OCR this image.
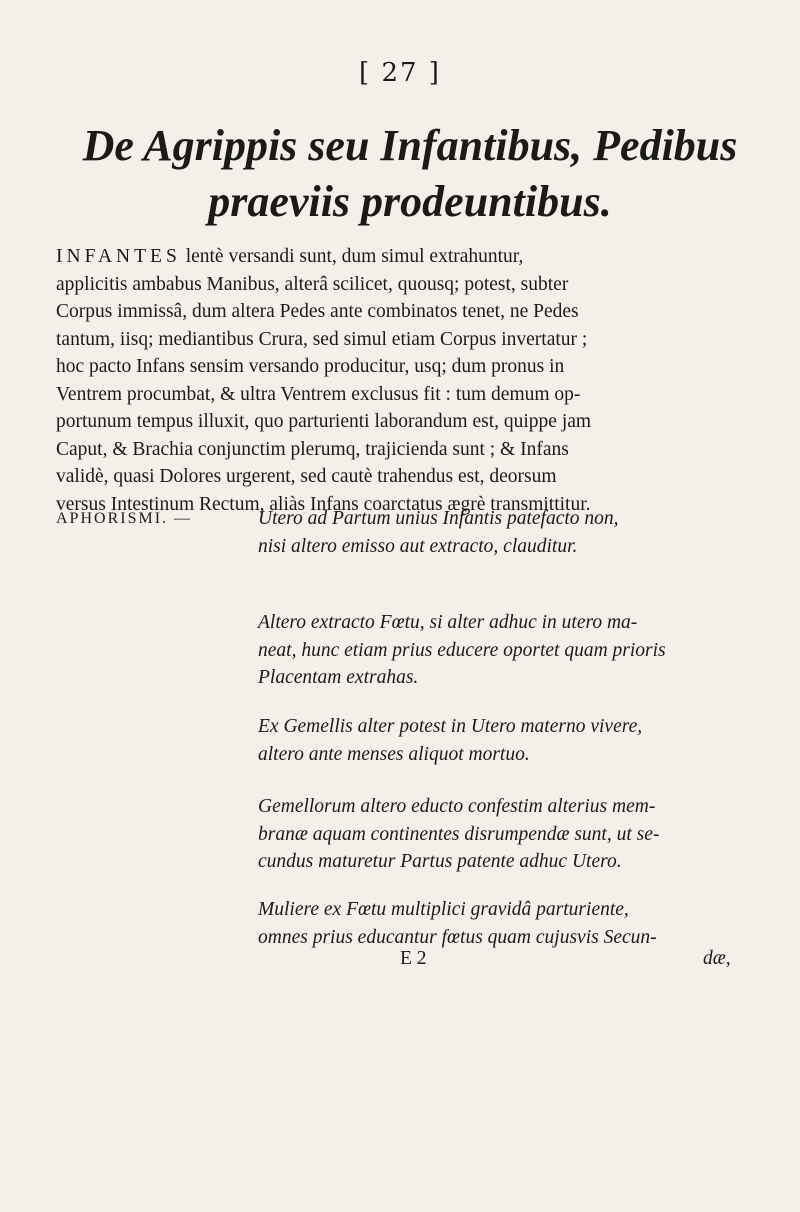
[ 27 ]
De Agrippis seu Infantibus, Pedibus
praeviis prodeuntibus.
INFANTES lentè versandi sunt, dum simul extrahuntur,
applicitis ambabus Manibus, alterâ scilicet, quousq; potest, subter
Corpus immissâ, dum altera Pedes ante combinatos tenet, ne Pedes
tantum, iisq; mediantibus Crura, sed simul etiam Corpus invertatur ;
hoc pacto Infans sensim versando producitur, usq; dum pronus in
Ventrem procumbat, & ultra Ventrem exclusus fit : tum demum op-
portunum tempus illuxit, quo parturienti laborandum est, quippe jam
Caput, & Brachia conjunctim plerumq, trajicienda sunt ; & Infans
validè, quasi Dolores urgerent, sed cautè trahendus est, deorsum
versus Intestinum Rectum, aliàs Infans coarctatus ægrè transmittitur.
APHORISMI. —	Utero ad Partum unius Infantis patefacto non,
nisi altero emisso aut extracto, clauditur.
Altero extracto Fœtu, si alter adhuc in utero ma-
neat, hunc etiam prius educere oportet quam prioris
Placentam extrahas.
Ex Gemellis alter potest in Utero materno vivere,
altero ante menses aliquot mortuo.
Gemellorum altero educto confestim alterius mem-
branæ aquam continentes disrumpendæ sunt, ut se-
cundus maturetur Partus patente adhuc Utero.
Muliere ex Fœtu multiplici gravidâ parturiente,
omnes prius educantur fœtus quam cujusvis Secun-
E 2	dæ,
